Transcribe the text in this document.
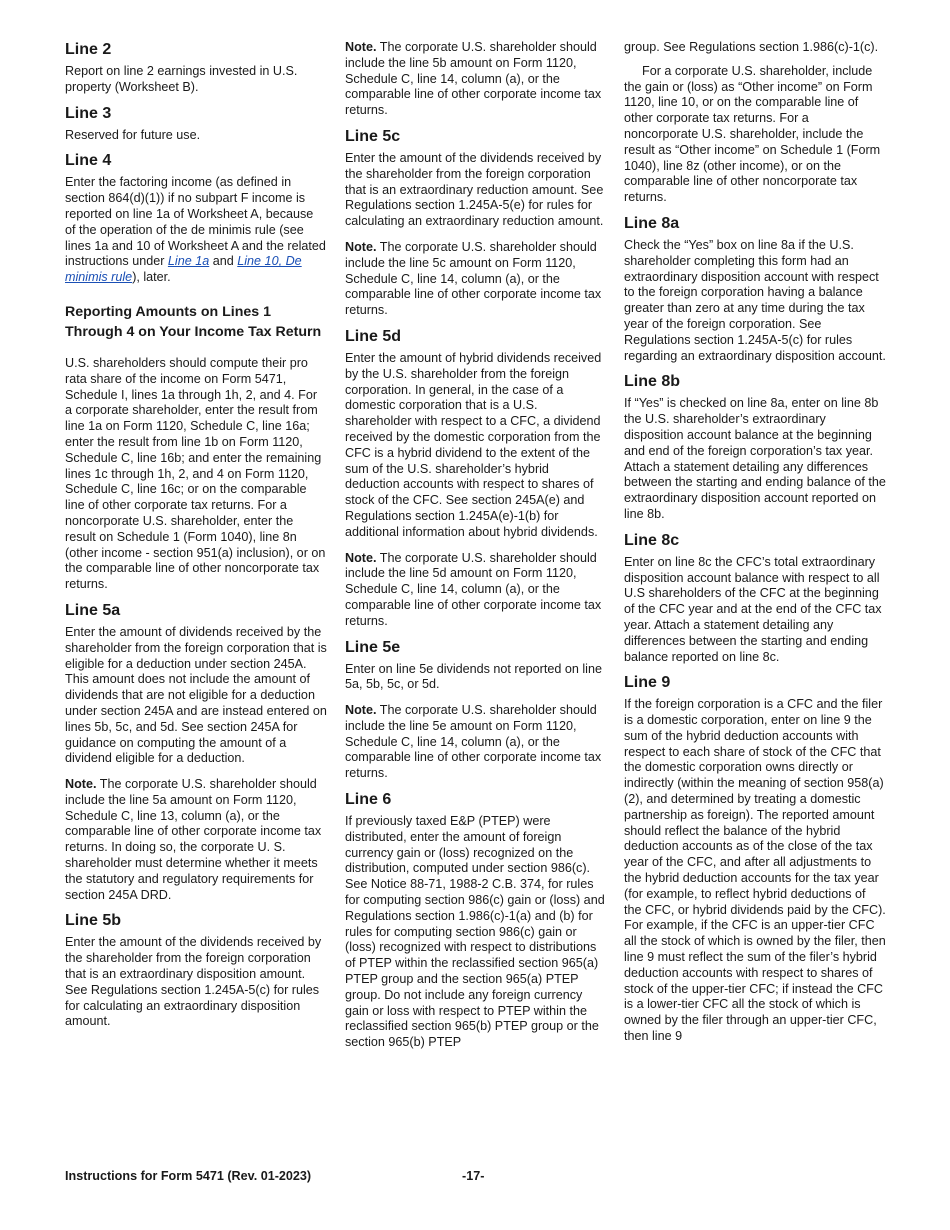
Line 2

Report on line 2 earnings invested in U.S. property (Worksheet B).

Line 3

Reserved for future use.

Line 4

Enter the factoring income (as defined in section 864(d)(1)) if no subpart F income is reported on line 1a of Worksheet A, because of the operation of the de minimis rule (see lines 1a and 10 of Worksheet A and the related instructions under Line 1a and Line 10, De minimis rule), later.

Reporting Amounts on Lines 1 Through 4 on Your Income Tax Return

U.S. shareholders should compute their pro rata share of the income on Form 5471, Schedule I, lines 1a through 1h, 2, and 4. For a corporate shareholder, enter the result from line 1a on Form 1120, Schedule C, line 16a; enter the result from line 1b on Form 1120, Schedule C, line 16b; and enter the remaining lines 1c through 1h, 2, and 4 on Form 1120, Schedule C, line 16c; or on the comparable line of other corporate tax returns. For a noncorporate U.S. shareholder, enter the result on Schedule 1 (Form 1040), line 8n (other income - section 951(a) inclusion), or on the comparable line of other noncorporate tax returns.

Line 5a

Enter the amount of dividends received by the shareholder from the foreign corporation that is eligible for a deduction under section 245A. This amount does not include the amount of dividends that are not eligible for a deduction under section 245A and are instead entered on lines 5b, 5c, and 5d. See section 245A for guidance on computing the amount of a dividend eligible for a deduction.

Note. The corporate U.S. shareholder should include the line 5a amount on Form 1120, Schedule C, line 13, column (a), or the comparable line of other corporate income tax returns. In doing so, the corporate U. S. shareholder must determine whether it meets the statutory and regulatory requirements for section 245A DRD.

Line 5b

Enter the amount of the dividends received by the shareholder from the foreign corporation that is an extraordinary disposition amount. See Regulations section 1.245A-5(c) for rules for calculating an extraordinary disposition amount.

Note. The corporate U.S. shareholder should include the line 5b amount on Form 1120, Schedule C, line 14, column (a), or the comparable line of other corporate income tax returns.

Line 5c

Enter the amount of the dividends received by the shareholder from the foreign corporation that is an extraordinary reduction amount. See Regulations section 1.245A-5(e) for rules for calculating an extraordinary reduction amount.

Note. The corporate U.S. shareholder should include the line 5c amount on Form 1120, Schedule C, line 14, column (a), or the comparable line of other corporate income tax returns.

Line 5d

Enter the amount of hybrid dividends received by the U.S. shareholder from the foreign corporation. In general, in the case of a domestic corporation that is a U.S. shareholder with respect to a CFC, a dividend received by the domestic corporation from the CFC is a hybrid dividend to the extent of the sum of the U.S. shareholder’s hybrid deduction accounts with respect to shares of stock of the CFC. See section 245A(e) and Regulations section 1.245A(e)-1(b) for additional information about hybrid dividends.

Note. The corporate U.S. shareholder should include the line 5d amount on Form 1120, Schedule C, line 14, column (a), or the comparable line of other corporate income tax returns.

Line 5e

Enter on line 5e dividends not reported on line 5a, 5b, 5c, or 5d.

Note. The corporate U.S. shareholder should include the line 5e amount on Form 1120, Schedule C, line 14, column (a), or the comparable line of other corporate income tax returns.

Line 6

If previously taxed E&P (PTEP) were distributed, enter the amount of foreign currency gain or (loss) recognized on the distribution, computed under section 986(c). See Notice 88-71, 1988-2 C.B. 374, for rules for computing section 986(c) gain or (loss) and Regulations section 1.986(c)-1(a) and (b) for rules for computing section 986(c) gain or (loss) recognized with respect to distributions of PTEP within the reclassified section 965(a) PTEP group and the section 965(a) PTEP group. Do not include any foreign currency gain or loss with respect to PTEP within the reclassified section 965(b) PTEP group or the section 965(b) PTEP

group. See Regulations section 1.986(c)-1(c).

For a corporate U.S. shareholder, include the gain or (loss) as “Other income” on Form 1120, line 10, or on the comparable line of other corporate tax returns. For a noncorporate U.S. shareholder, include the result as “Other income” on Schedule 1 (Form 1040), line 8z (other income), or on the comparable line of other noncorporate tax returns.

Line 8a

Check the “Yes” box on line 8a if the U.S. shareholder completing this form had an extraordinary disposition account with respect to the foreign corporation having a balance greater than zero at any time during the tax year of the foreign corporation. See Regulations section 1.245A-5(c) for rules regarding an extraordinary disposition account.

Line 8b

If “Yes” is checked on line 8a, enter on line 8b the U.S. shareholder’s extraordinary disposition account balance at the beginning and end of the foreign corporation’s tax year. Attach a statement detailing any differences between the starting and ending balance of the extraordinary disposition account reported on line 8b.

Line 8c

Enter on line 8c the CFC’s total extraordinary disposition account balance with respect to all U.S shareholders of the CFC at the beginning of the CFC year and at the end of the CFC tax year. Attach a statement detailing any differences between the starting and ending balance reported on line 8c.

Line 9

If the foreign corporation is a CFC and the filer is a domestic corporation, enter on line 9 the sum of the hybrid deduction accounts with respect to each share of stock of the CFC that the domestic corporation owns directly or indirectly (within the meaning of section 958(a)(2), and determined by treating a domestic partnership as foreign). The reported amount should reflect the balance of the hybrid deduction accounts as of the close of the tax year of the CFC, and after all adjustments to the hybrid deduction accounts for the tax year (for example, to reflect hybrid deductions of the CFC, or hybrid dividends paid by the CFC). For example, if the CFC is an upper-tier CFC all the stock of which is owned by the filer, then line 9 must reflect the sum of the filer’s hybrid deduction accounts with respect to shares of stock of the upper-tier CFC; if instead the CFC is a lower-tier CFC all the stock of which is owned by the filer through an upper-tier CFC, then line 9

Instructions for Form 5471 (Rev. 01-2023)	-17-
